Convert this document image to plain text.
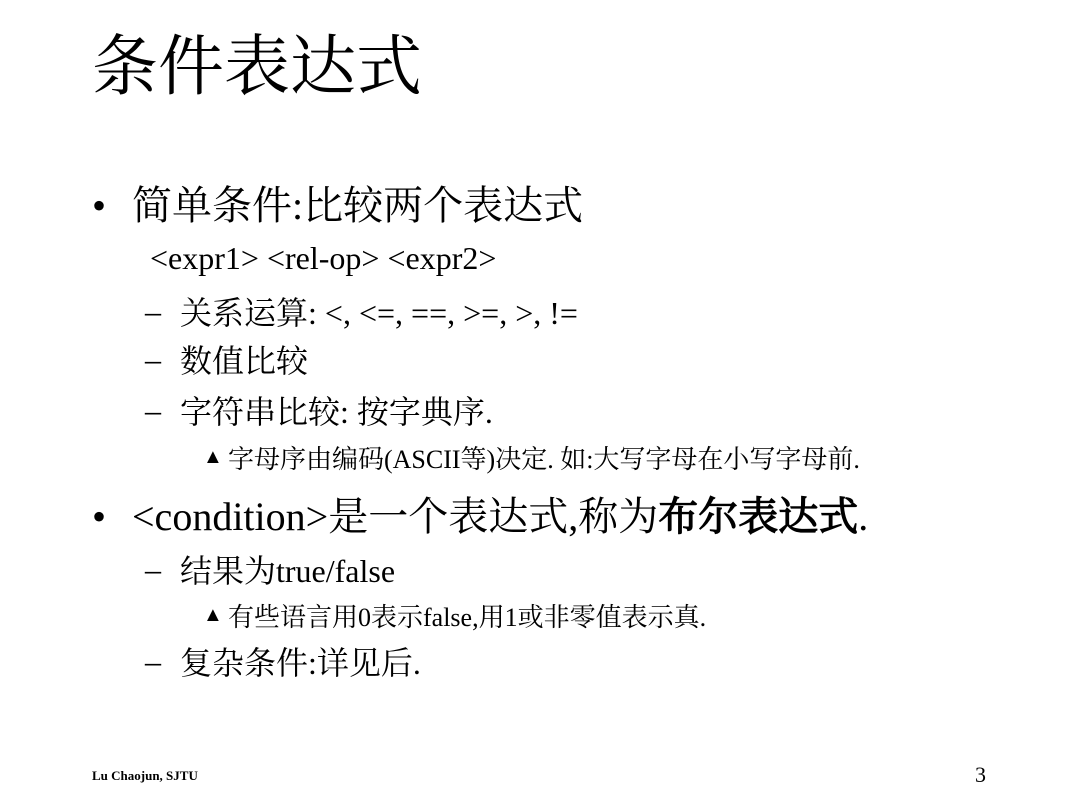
条件表达式
• 简单条件:比较两个表达式
<expr1> <rel-op> <expr2>
– 关系运算: <, <=, ==, >=, >, !=
– 数值比较
– 字符串比较: 按字典序.
▲ 字母序由编码(ASCII等)决定. 如:大写字母在小写字母前.
• <condition>是一个表达式,称为布尔表达式.
– 结果为true/false
▲ 有些语言用0表示false,用1或非零值表示真.
– 复杂条件:详见后.
Lu Chaojun, SJTU	3
